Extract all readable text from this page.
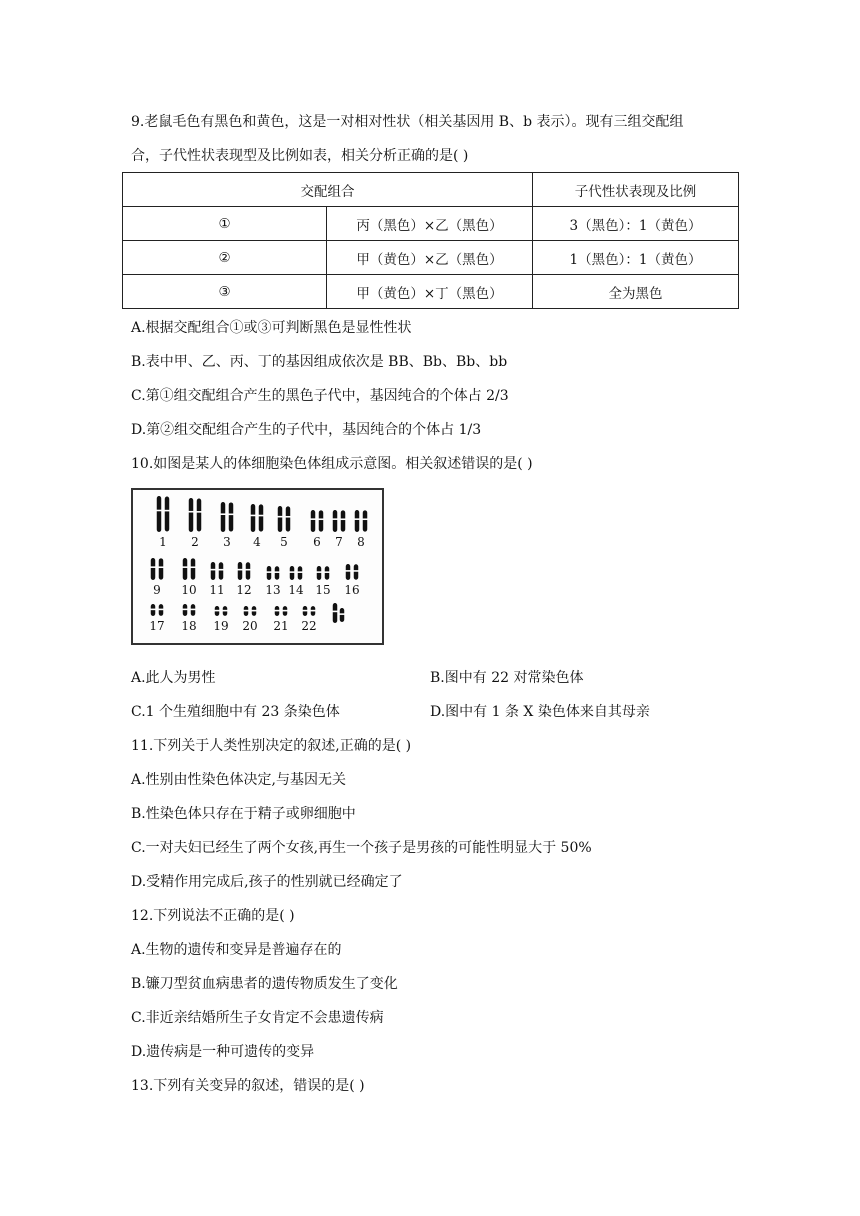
9.老鼠毛色有黑色和黄色，这是一对相对性状（相关基因用 B、b 表示）。现有三组交配组
合，子代性状表现型及比例如表，相关分析正确的是( )
交配组合		子代性状表现及比例
①	丙（黑色）×乙（黑色）	3（黑色）：1（黄色）
②	甲（黄色）×乙（黑色）	1（黑色）：1（黄色）
③	甲（黄色）×丁（黑色）	全为黑色
A.根据交配组合①或③可判断黑色是显性性状
B.表中甲、乙、丙、丁的基因组成依次是 BB、Bb、Bb、bb
C.第①组交配组合产生的黑色子代中，基因纯合的个体占 2/3
D.第②组交配组合产生的子代中，基因纯合的个体占 1/3
10.如图是某人的体细胞染色体组成示意图。相关叙述错误的是( )
1 2 3 4 5 6 7 8
9 10 11 12 13 14 15 16
17 18 19 20 21 22
A.此人为男性	B.图中有 22 对常染色体
C.1 个生殖细胞中有 23 条染色体	D.图中有 1 条 X 染色体来自其母亲
11.下列关于人类性别决定的叙述,正确的是( )
A.性别由性染色体决定,与基因无关
B.性染色体只存在于精子或卵细胞中
C.一对夫妇已经生了两个女孩,再生一个孩子是男孩的可能性明显大于 50%
D.受精作用完成后,孩子的性别就已经确定了
12.下列说法不正确的是( )
A.生物的遗传和变异是普遍存在的
B.镰刀型贫血病患者的遗传物质发生了变化
C.非近亲结婚所生子女肯定不会患遗传病
D.遗传病是一种可遗传的变异
13.下列有关变异的叙述，错误的是( )
